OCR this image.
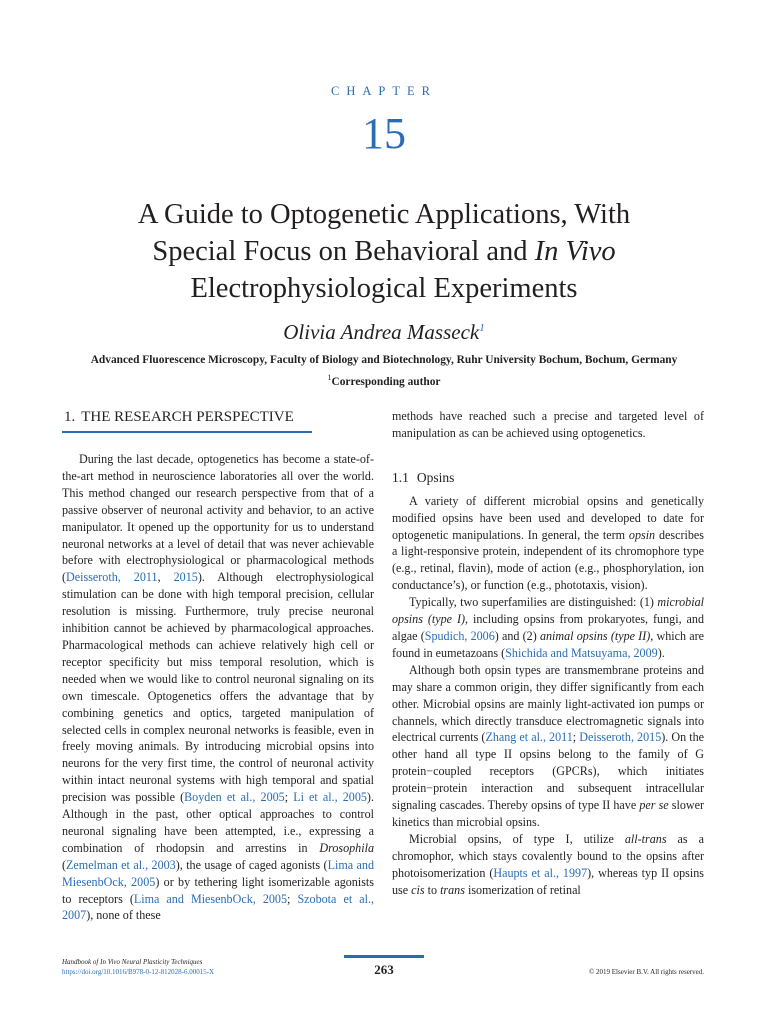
CHAPTER
15
A Guide to Optogenetic Applications, With
Special Focus on Behavioral and In Vivo
Electrophysiological Experiments
Olivia Andrea Masseck$^1$
Advanced Fluorescence Microscopy, Faculty of Biology and Biotechnology, Ruhr University Bochum, Bochum, Germany
$^1$Corresponding author
1. THE RESEARCH PERSPECTIVE

During the last decade, optogenetics has become a state-of-the-art method in neuroscience laboratories all over the world. This method changed our research perspective from that of a passive observer of neuronal activity and behavior, to an active manipulator. It opened up the opportunity for us to understand neuronal networks at a level of detail that was never achievable before with electrophysiological or pharmacological methods (Deisseroth, 2011, 2015). Although electrophysiological stimulation can be done with high temporal precision, cellular resolution is missing. Furthermore, truly precise neuronal inhibition cannot be achieved by pharmacological approaches. Pharmacological methods can achieve relatively high cell or receptor specificity but miss temporal resolution, which is needed when we would like to control neuronal signaling on its own timescale. Optogenetics offers the advantage that by combining genetics and optics, targeted manipulation of selected cells in complex neuronal networks is feasible, even in freely moving animals. By introducing microbial opsins into neurons for the very first time, the control of neuronal activity within intact neuronal systems with high temporal and spatial precision was possible (Boyden et al., 2005; Li et al., 2005). Although in the past, other optical approaches to control neuronal signaling have been attempted, i.e., expressing a combination of rhodopsin and arrestins in Drosophila (Zemelman et al., 2003), the usage of caged agonists (Lima and MiesenbOck, 2005) or by tethering light isomerizable agonists to receptors (Lima and MiesenbOck, 2005; Szobota et al., 2007), none of these

methods have reached such a precise and targeted level of manipulation as can be achieved using optogenetics.

1.1 Opsins

A variety of different microbial opsins and genetically modified opsins have been used and developed to date for optogenetic manipulations. In general, the term opsin describes a light-responsive protein, independent of its chromophore type (e.g., retinal, flavin), mode of action (e.g., phosphorylation, ion conductance’s), or function (e.g., phototaxis, vision).

Typically, two superfamilies are distinguished: (1) microbial opsins (type I), including opsins from prokaryotes, fungi, and algae (Spudich, 2006) and (2) animal opsins (type II), which are found in eumetazoans (Shichida and Matsuyama, 2009).

Although both opsin types are transmembrane proteins and may share a common origin, they differ significantly from each other. Microbial opsins are mainly light-activated ion pumps or channels, which directly transduce electromagnetic signals into electrical currents (Zhang et al., 2011; Deisseroth, 2015). On the other hand all type II opsins belong to the family of G protein−coupled receptors (GPCRs), which initiates protein−protein interaction and subsequent intracellular signaling cascades. Thereby opsins of type II have per se slower kinetics than microbial opsins.

Microbial opsins, of type I, utilize all-trans as a chromophor, which stays covalently bound to the opsins after photoisomerization (Haupts et al., 1997), whereas typ II opsins use cis to trans isomerization of retinal

Handbook of In Vivo Neural Plasticity Techniques
https://doi.org/10.1016/B978-0-12-812028-6.00015-X	263	© 2019 Elsevier B.V. All rights reserved.
